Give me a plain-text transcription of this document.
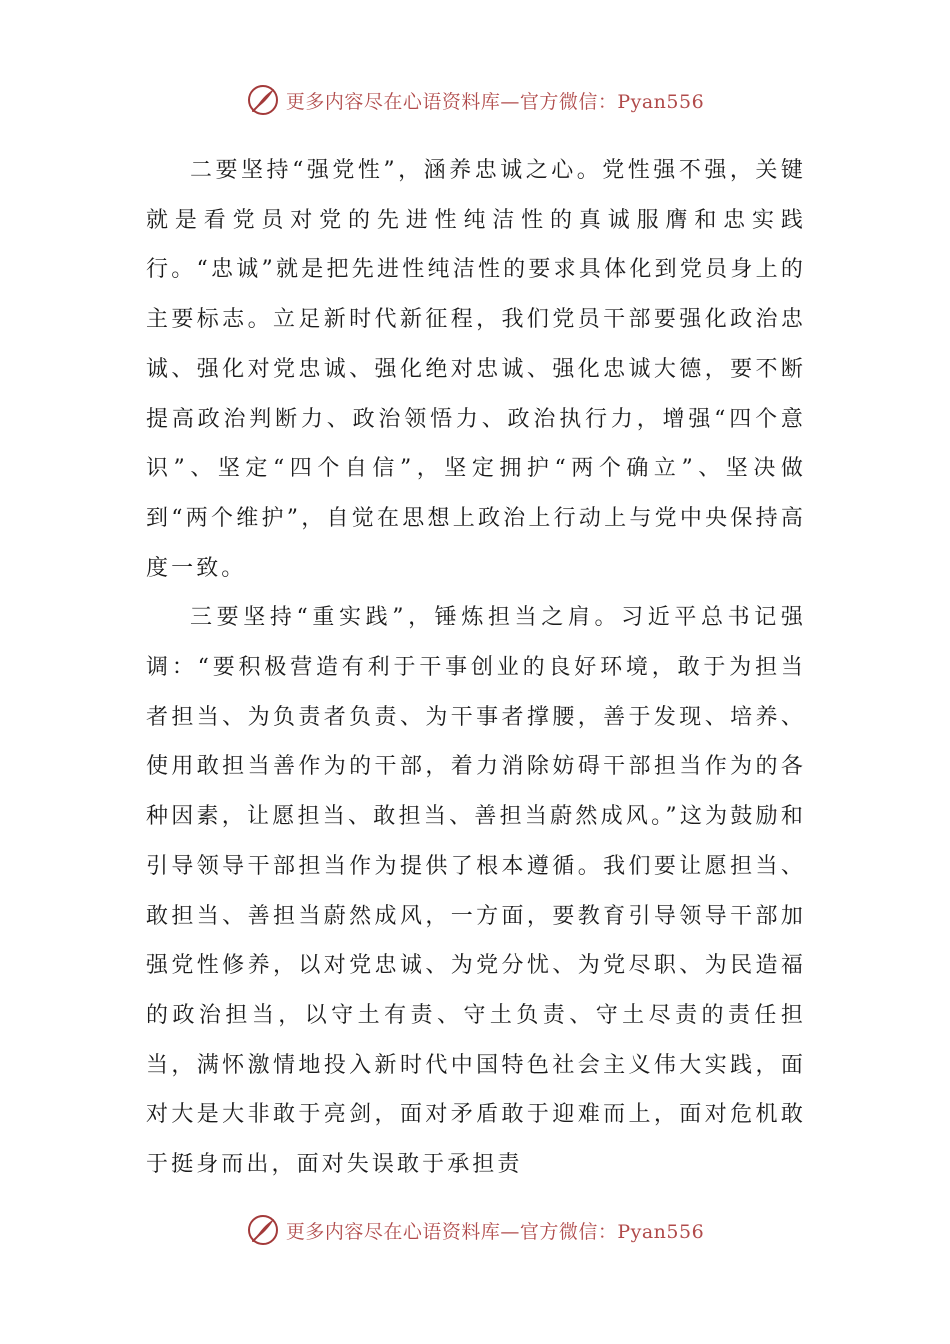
更多内容尽在心语资料库—官方微信：Pyan556

二要坚持“强党性”，涵养忠诚之心。党性强不强，关键就是看党员对党的先进性纯洁性的真诚服膺和忠实践行。“忠诚”就是把先进性纯洁性的要求具体化到党员身上的主要标志。立足新时代新征程，我们党员干部要强化政治忠诚、强化对党忠诚、强化绝对忠诚、强化忠诚大德，要不断提高政治判断力、政治领悟力、政治执行力，增强“四个意识”、坚定“四个自信”，坚定拥护“两个确立”、坚决做到“两个维护”，自觉在思想上政治上行动上与党中央保持高度一致。

三要坚持“重实践”，锤炼担当之肩。习近平总书记强调：“要积极营造有利于干事创业的良好环境，敢于为担当者担当、为负责者负责、为干事者撑腰，善于发现、培养、使用敢担当善作为的干部，着力消除妨碍干部担当作为的各种因素，让愿担当、敢担当、善担当蔚然成风。”这为鼓励和引导领导干部担当作为提供了根本遵循。我们要让愿担当、敢担当、善担当蔚然成风，一方面，要教育引导领导干部加强党性修养，以对党忠诚、为党分忧、为党尽职、为民造福的政治担当，以守土有责、守土负责、守土尽责的责任担当，满怀激情地投入新时代中国特色社会主义伟大实践，面对大是大非敢于亮剑，面对矛盾敢于迎难而上，面对危机敢于挺身而出，面对失误敢于承担责

更多内容尽在心语资料库—官方微信：Pyan556
